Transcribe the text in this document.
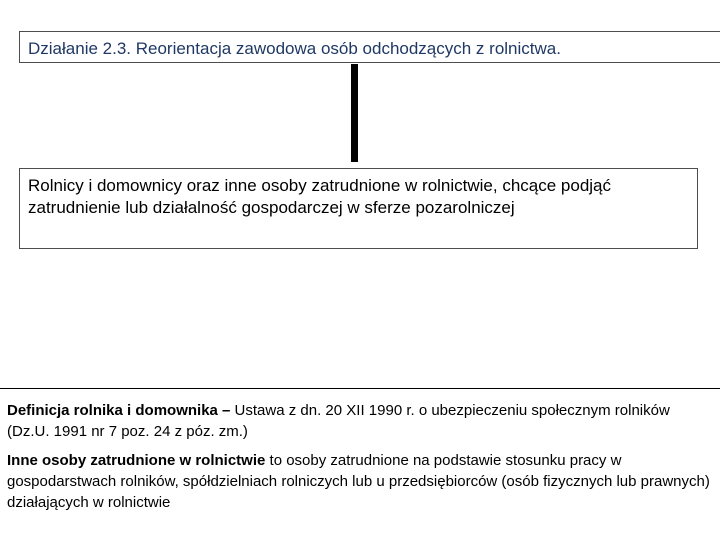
Działanie 2.3. Reorientacja zawodowa osób odchodzących z rolnictwa.
Rolnicy i domownicy oraz inne osoby zatrudnione w rolnictwie, chcące podjąć zatrudnienie lub działalność gospodarczej w sferze pozarolniczej

Definicja rolnika i domownika – Ustawa z dn. 20 XII 1990 r. o ubezpieczeniu społecznym rolników (Dz.U. 1991 nr 7 poz. 24 z póz. zm.)

Inne osoby zatrudnione w rolnictwie to osoby zatrudnione na podstawie stosunku pracy w gospodarstwach rolników, spółdzielniach rolniczych lub u przedsiębiorców (osób fizycznych lub prawnych) działających w rolnictwie
